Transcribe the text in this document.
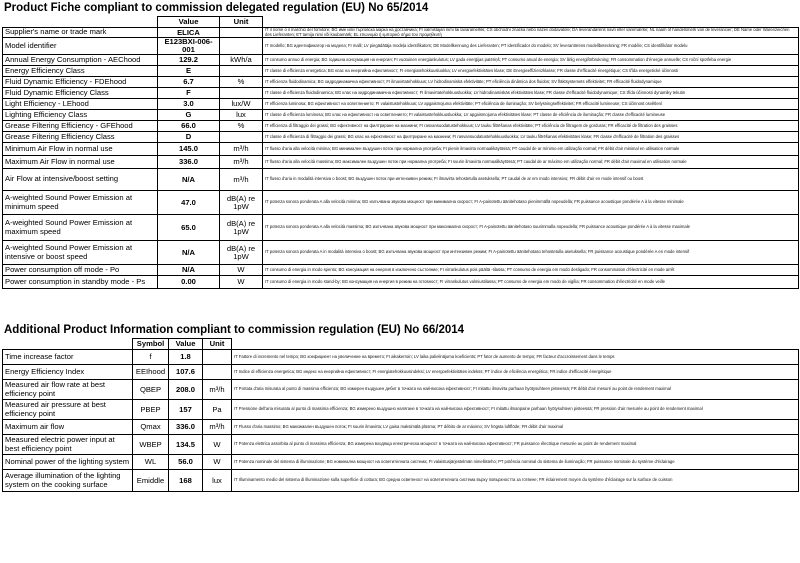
Product Fiche compliant to commission delegated regulation (EU) No 65/2014
	Value	Unit	
Supplier's name or trade mark	ELICA		IT il nome o il marchio del fornitore; BG име или търговска марка на доставчика; FI valmistajan nimi tai tavaramerkki; CS obchodní značka nebo název dodavatele; DA leverandørens navn eller varemærke; NL naam of handelsmerk van de leverancier; DE Name oder Warenzeichen des Lieferanten; ET tarnija nimi või kaubamärk; EL επωνυμία ή εμπορικό σήμα του προμηθευτή
Model identifier	E123BXI-006-001		IT modello; BG идентификатор на модела; FI malli; LV piegādātāja modeļa identifikators; DE Modellkennung des Lieferanten; PT identificador do modelo; SV leverantörens modellbeteckning; FR modèle; CS identifikátor modelu
Annual Energy Consumption - AEChood	129.2	kWh/a	IT consumo annuo di energia; BG годишна консумация на енергия; FI vuotuinen energiankulutus; LV gada enerģijas patēriņš; PT consumo anual de energia; SV årlig energiförbrukning; FR consommation d'énergie annuelle; CS roční spotřeba energie
Energy Efficiency Class	E		IT classe di efficienza energetica; BG клас на енергийна ефективност; FI energiatehokkuusluokka; LV energoefektivitātes klase; DE Energieeffizienzklasse; FR classe d'efficacité énergétique; CS třída energetické účinnosti
Fluid Dynamic Efficiency - FDEhood	6.7	%	IT efficienza fluidodinamica; BG хидродинамична ефективност; FI ilmavirtatehokkuus; LV hidrodinamiskā efektivitāte; PT eficiência dinâmica dos fluidos; SV fläktsystemets effektivitet; FR efficacité fluidodynamique
Fluid Dynamic Efficiency Class	F		IT classe di efficienza fluidodinamica; BG клас на хидродинамична ефективност; FI ilmavirtatehokkuusluokka; LV hidrodinamiskās efektivitātes klase; FR classe d'efficacité fluidodynamique; CS třída účinnosti dynamiky tekutin
Light Efficiency - LEhood	3.0	lux/W	IT efficienza luminosa; BG ефективност на осветлението; FI valaistustehokkuus; LV apgaismojuma efektivitāte; PT eficiência de iluminação; SV belysningseffektivitet; FR efficacité lumineuse; CS účinnost osvětlení
Lighting Efficiency Class	G	lux	IT classe di efficienza luminosa; BG клас на ефективност на осветлението; FI valaistustehokkuusluokka; LV apgaismojuma efektivitātes klase; PT classe de eficiência de iluminação; FR classe d'efficacité lumineuse
Grease Filtering Efficiency - GFEhood	66.0	%	IT efficienza di filtraggio dei grassi; BG ефективност на филтриране на мазнини; FI rasvansuodatustehokkuus; LV tauku filtrēšanas efektivitāte; PT eficiência de filtragem de gorduras; FR efficacité de filtration des graisses
Grease Filtering Efficiency Class	D		IT classe di efficienza di filtraggio dei grassi; BG клас на ефективност на филтриране на мазнини; FI rasvansuodatustehokkuusluokka; LV tauku filtrēšanas efektivitātes klase; FR classe d'efficacité de filtration des graisses
Minimum Air Flow in normal use	145.0	m³/h	IT flusso d'aria alla velocità minima; BG минимален въздушен поток при нормална употреба; FI pienin ilmavirta normaalikäytössä; PT caudal de ar mínimo em utilização normal; FR débit d'air minimal en utilisation normale
Maximum Air Flow in normal use	336.0	m³/h	IT flusso d'aria alla velocità massima; BG максимален въздушен поток при нормална употреба; FI suurin ilmavirta normaalikäytössä; PT caudal de ar máximo em utilização normal; FR débit d'air maximal en utilisation normale
Air Flow at intensive/boost setting	N/A	m³/h	IT flusso d'aria in modalità intensiva o boost; BG въздушен поток при интензивен режим; FI ilmavirta tehostetulla asetuksella; PT caudal de ar em modo intensivo; FR débit d'air en mode intensif ou boost
A-weighted Sound Power Emission at minimum speed	47.0	dB(A) re 1pW	IT potenza sonora ponderata A alla velocità minima; BG излъчвана звукова мощност при минимална скорост; FI A-painotettu äänitehotaso pienimmällä nopeudella; FR puissance acoustique pondérée A à la vitesse minimale
A-weighted Sound Power Emission at maximum speed	65.0	dB(A) re 1pW	IT potenza sonora ponderata A alla velocità massima; BG излъчвана звукова мощност при максимална скорост; FI A-painotettu äänitehotaso suurimmalla nopeudella; FR puissance acoustique pondérée A à la vitesse maximale
A-weighted Sound Power Emission at intensive or boost speed	N/A	dB(A) re 1pW	IT potenza sonora ponderata A in modalità intensiva o boost; BG излъчвана звукова мощност при интензивен режим; FI A-painotettu äänitehotaso tehostetulla asetuksella; FR puissance acoustique pondérée A en mode intensif
Power consumption off mode - Po	N/A	W	IT consumo di energia in modo spento; BG консумация на енергия в изключено състояние; FI virrankulutus pois päältä -tilassa; PT consumo de energia em modo desligado; FR consommation d'électricité en mode arrêt
Power consumption in standby mode - Ps	0.00	W	IT consumo di energia in modo stand-by; BG консумация на енергия в режим на готовност; FI virrankulutus valmiustilassa; PT consumo de energia em modo de vigília; FR consommation d'électricité en mode veille
Additional Product Information compliant to commission regulation (EU) No 66/2014
	Symbol	Value	Unit	
Time increase factor	f	1.8		IT Fattore di incremento nel tempo; BG коефициент на увеличение на времето; FI aikakerroin; LV laika palielinājuma koeficients; PT fator de aumento de tempo; FR facteur d'accroissement dans le temps
Energy Efficiency Index	EEIhood	107.6		IT Indice di efficienza energetica; BG индекс на енергийна ефективност; FI energiatehokkuusindeksi; LV energoefektivitātes indekss; PT índice de eficiência energética; FR indice d'efficacité énergétique
Measured air flow rate at best efficiency point	QBEP	208.0	m³/h	IT Portata d'aria misurata al punto di massima efficienza; BG измерен въздушен дебит в точката на най-висока ефективност; FI mitattu ilmavirta parhaan hyötysuhteen pisteessä; FR débit d'air mesuré au point de rendement maximal
Measured air pressure at best efficiency point	PBEP	157	Pa	IT Pressione dell'aria misurata al punto di massima efficienza; BG измерено въздушно налягане в точката на най-висока ефективност; FI mitattu ilmanpaine parhaan hyötysuhteen pisteessä; FR pression d'air mesurée au point de rendement maximal
Maximum air flow	Qmax	336.0	m³/h	IT Flusso d'aria massimo; BG максимален въздушен поток; FI suurin ilmavirta; LV gaisa maksimālā plūsma; PT débito de ar máximo; SV högsta luftflöde; FR débit d'air maximal
Measured electric power input at best efficiency point	WBEP	134.5	W	IT Potenza elettrica assorbita al punto di massima efficienza; BG измерена входяща електрическа мощност в точката на най-висока ефективност; FR puissance électrique mesurée au point de rendement maximal
Nominal power of the lighting system	WL	56.0	W	IT Potenza nominale del sistema di illuminazione; BG номинална мощност на осветителната система; FI valaistusjärjestelmän nimellisteho; PT potência nominal do sistema de iluminação; FR puissance nominale du système d'éclairage
Average illumination of the lighting system on the cooking surface	Emiddle	168	lux	IT Illuminamento medio del sistema di illuminazione sulla superficie di cottura; BG средна осветеност на осветителната система върху повърхността за готвене; FR éclairement moyen du système d'éclairage sur la surface de cuisson
